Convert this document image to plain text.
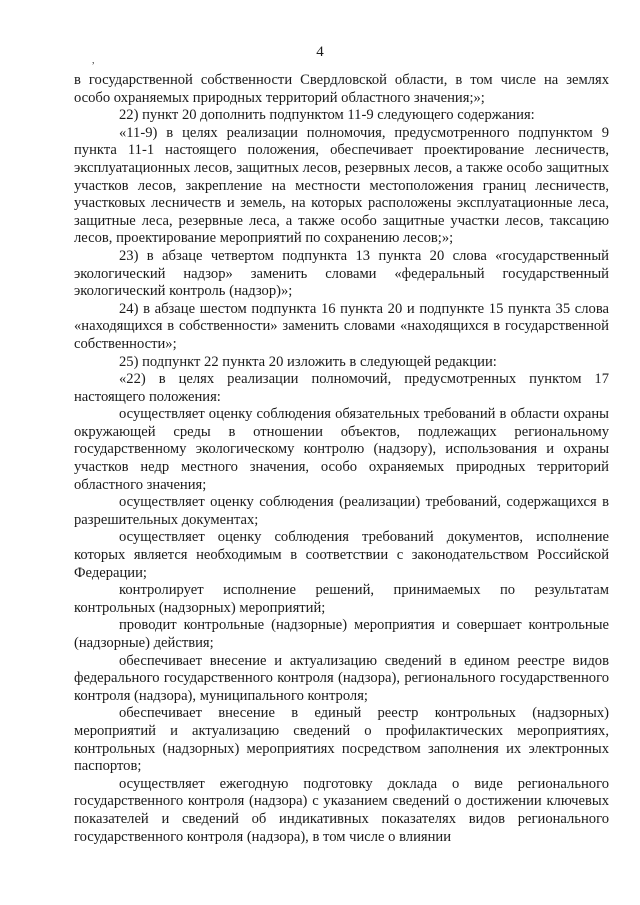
,
4

в государственной собственности Свердловской области, в том числе на землях особо охраняемых природных территорий областного значения;»;

22) пункт 20 дополнить подпунктом 11-9 следующего содержания:

«11-9) в целях реализации полномочия, предусмотренного подпунктом 9 пункта 11-1 настоящего положения, обеспечивает проектирование лесничеств, эксплуатационных лесов, защитных лесов, резервных лесов, а также особо защитных участков лесов, закрепление на местности местоположения границ лесничеств, участковых лесничеств и земель, на которых расположены эксплуатационные леса, защитные леса, резервные леса, а также особо защитные участки лесов, таксацию лесов, проектирование мероприятий по сохранению лесов;»;

23) в абзаце четвертом подпункта 13 пункта 20 слова «государственный экологический надзор» заменить словами «федеральный государственный экологический контроль (надзор)»;

24) в абзаце шестом подпункта 16 пункта 20 и подпункте 15 пункта 35 слова «находящихся в собственности» заменить словами «находящихся в государственной собственности»;

25) подпункт 22 пункта 20 изложить в следующей редакции:

«22) в целях реализации полномочий, предусмотренных пунктом 17 настоящего положения:

осуществляет оценку соблюдения обязательных требований в области охраны окружающей среды в отношении объектов, подлежащих региональному государственному экологическому контролю (надзору), использования и охраны участков недр местного значения, особо охраняемых природных территорий областного значения;

осуществляет оценку соблюдения (реализации) требований, содержащихся в разрешительных документах;

осуществляет оценку соблюдения требований документов, исполнение которых является необходимым в соответствии с законодательством Российской Федерации;

контролирует исполнение решений, принимаемых по результатам контрольных (надзорных) мероприятий;

проводит контрольные (надзорные) мероприятия и совершает контрольные (надзорные) действия;

обеспечивает внесение и актуализацию сведений в едином реестре видов федерального государственного контроля (надзора), регионального государственного контроля (надзора), муниципального контроля;

обеспечивает внесение в единый реестр контрольных (надзорных) мероприятий и актуализацию сведений о профилактических мероприятиях, контрольных (надзорных) мероприятиях посредством заполнения их электронных паспортов;

осуществляет ежегодную подготовку доклада о виде регионального государственного контроля (надзора) с указанием сведений о достижении ключевых показателей и сведений об индикативных показателях видов регионального государственного контроля (надзора), в том числе о влиянии
